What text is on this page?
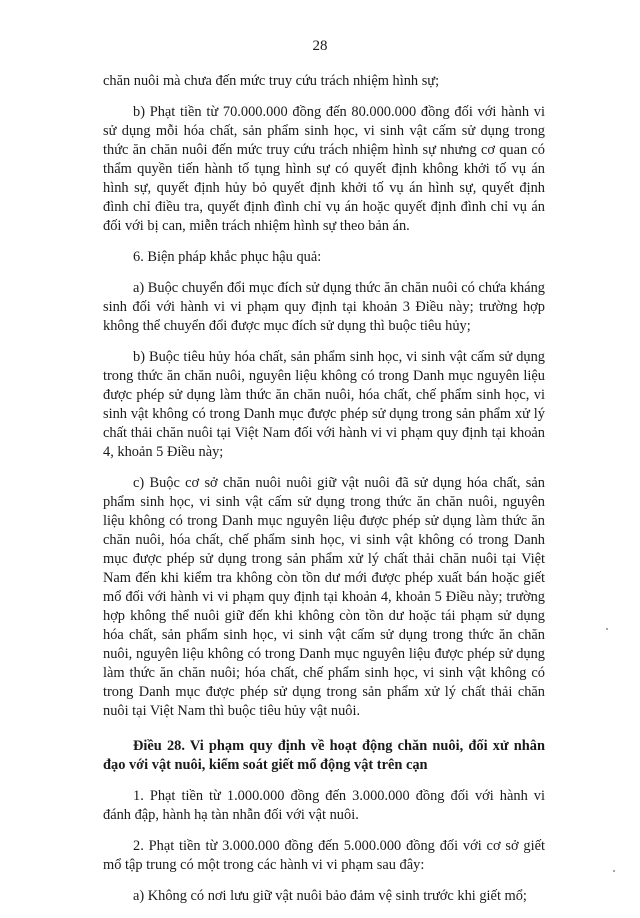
28

chăn nuôi mà chưa đến mức truy cứu trách nhiệm hình sự;

b) Phạt tiền từ 70.000.000 đồng đến 80.000.000 đồng đối với hành vi sử dụng mỗi hóa chất, sản phẩm sinh học, vi sinh vật cấm sử dụng trong thức ăn chăn nuôi đến mức truy cứu trách nhiệm hình sự nhưng cơ quan có thẩm quyền tiến hành tố tụng hình sự có quyết định không khởi tố vụ án hình sự, quyết định hủy bỏ quyết định khởi tố vụ án hình sự, quyết định đình chỉ điều tra, quyết định đình chỉ vụ án hoặc quyết định đình chỉ vụ án đối với bị can, miễn trách nhiệm hình sự theo bản án.

6. Biện pháp khắc phục hậu quả:

a) Buộc chuyển đổi mục đích sử dụng thức ăn chăn nuôi có chứa kháng sinh đối với hành vi vi phạm quy định tại khoản 3 Điều này; trường hợp không thể chuyển đổi được mục đích sử dụng thì buộc tiêu hủy;

b) Buộc tiêu hủy hóa chất, sản phẩm sinh học, vi sinh vật cấm sử dụng trong thức ăn chăn nuôi, nguyên liệu không có trong Danh mục nguyên liệu được phép sử dụng làm thức ăn chăn nuôi, hóa chất, chế phẩm sinh học, vi sinh vật không có trong Danh mục được phép sử dụng trong sản phẩm xử lý chất thải chăn nuôi tại Việt Nam đối với hành vi vi phạm quy định tại khoản 4, khoản 5 Điều này;

c) Buộc cơ sở chăn nuôi nuôi giữ vật nuôi đã sử dụng hóa chất, sản phẩm sinh học, vi sinh vật cấm sử dụng trong thức ăn chăn nuôi, nguyên liệu không có trong Danh mục nguyên liệu được phép sử dụng làm thức ăn chăn nuôi, hóa chất, chế phẩm sinh học, vi sinh vật không có trong Danh mục được phép sử dụng trong sản phẩm xử lý chất thải chăn nuôi tại Việt Nam đến khi kiểm tra không còn tồn dư mới được phép xuất bán hoặc giết mổ đối với hành vi vi phạm quy định tại khoản 4, khoản 5 Điều này; trường hợp không thể nuôi giữ đến khi không còn tồn dư hoặc tái phạm sử dụng hóa chất, sản phẩm sinh học, vi sinh vật cấm sử dụng trong thức ăn chăn nuôi, nguyên liệu không có trong Danh mục nguyên liệu được phép sử dụng làm thức ăn chăn nuôi; hóa chất, chế phẩm sinh học, vi sinh vật không có trong Danh mục được phép sử dụng trong sản phẩm xử lý chất thải chăn nuôi tại Việt Nam thì buộc tiêu hủy vật nuôi.

Điều 28. Vi phạm quy định về hoạt động chăn nuôi, đối xử nhân đạo với vật nuôi, kiểm soát giết mổ động vật trên cạn

1. Phạt tiền từ 1.000.000 đồng đến 3.000.000 đồng đối với hành vi đánh đập, hành hạ tàn nhẫn đối với vật nuôi.

2. Phạt tiền từ 3.000.000 đồng đến 5.000.000 đồng đối với cơ sở giết mổ tập trung có một trong các hành vi vi phạm sau đây:

a) Không có nơi lưu giữ vật nuôi bảo đảm vệ sinh trước khi giết mổ;
